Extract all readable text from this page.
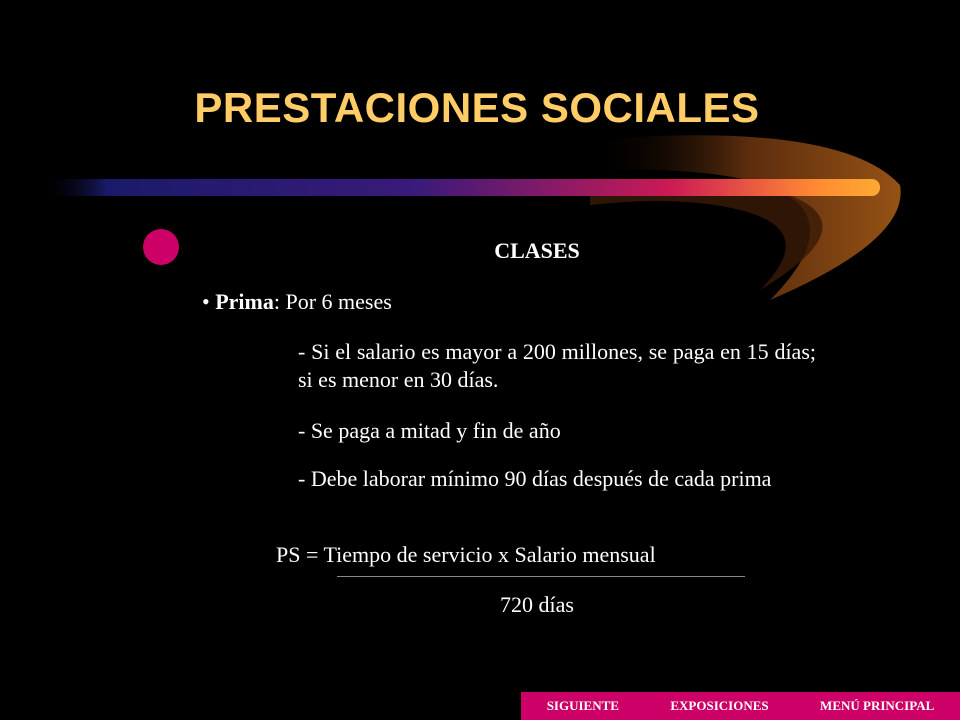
PRESTACIONES SOCIALES
CLASES
• Prima: Por 6 meses
- Si el salario es mayor a 200 millones, se paga en 15 días; si es menor en 30 días.
- Se paga a mitad y fin de año
- Debe laborar mínimo 90 días después de cada prima
PS = Tiempo de servicio x Salario mensual
720 días
SIGUIENTE	EXPOSICIONES	MENÚ PRINCIPAL
